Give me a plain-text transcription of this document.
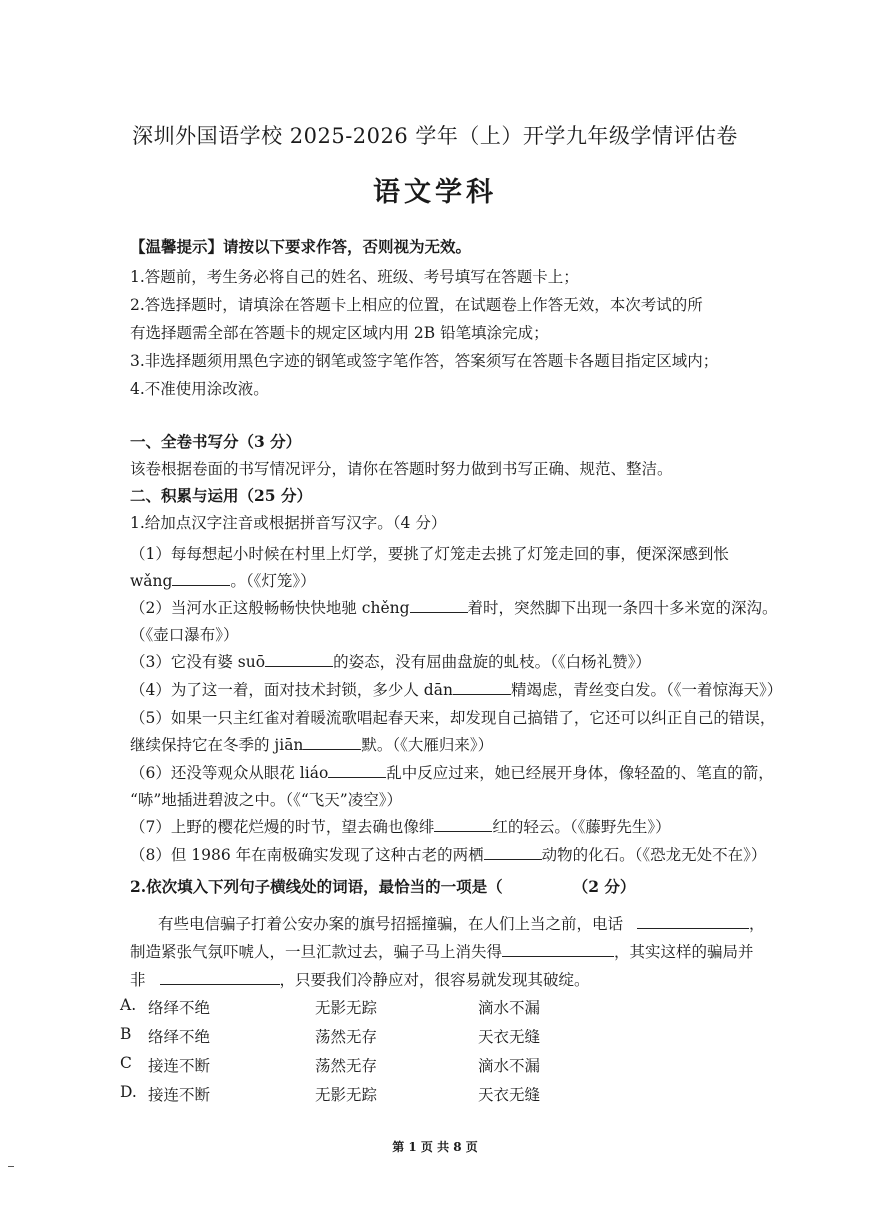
深圳外国语学校 2025-2026 学年（上）开学九年级学情评估卷
语文学科
【温馨提示】请按以下要求作答，否则视为无效。
1.答题前，考生务必将自己的姓名、班级、考号填写在答题卡上；
2.答选择题时，请填涂在答题卡上相应的位置，在试题卷上作答无效，本次考试的所
有选择题需全部在答题卡的规定区域内用 2B 铅笔填涂完成；
3.非选择题须用黑色字迹的钢笔或签字笔作答，答案须写在答题卡各题目指定区域内；
4.不准使用涂改液。
一、全卷书写分（3 分）
该卷根据卷面的书写情况评分，请你在答题时努力做到书写正确、规范、整洁。
二、积累与运用（25 分）
1.给加点汉字注音或根据拼音写汉字。（4 分）
（1）每每想起小时候在村里上灯学，要挑了灯笼走去挑了灯笼走回的事，便深深感到怅
wǎng	。（《灯笼》）
（2）当河水正这般畅畅快快地驰 chěng	着时，突然脚下出现一条四十多米宽的深沟。
（《壶口瀑布》）
（3）它没有婆 suō	的姿态，没有屈曲盘旋的虬枝。（《白杨礼赞》）
（4）为了这一着，面对技术封锁，多少人 dān	精竭虑，青丝变白发。（《一着惊海天》）
（5）如果一只主红雀对着暖流歌唱起春天来，却发现自己搞错了，它还可以纠正自己的错误，
继续保持它在冬季的 jiān	默。（《大雁归来》）
（6）还没等观众从眼花 liáo	乱中反应过来，她已经展开身体，像轻盈的、笔直的箭，
“哧”地插进碧波之中。（《“飞天”凌空》）
（7）上野的樱花烂熳的时节，望去确也像绯	红的轻云。（《藤野先生》）
（8）但 1986 年在南极确实发现了这种古老的两栖	动物的化石。（《恐龙无处不在》）
2.依次填入下列句子横线处的词语，最恰当的一项是（	（2 分）
有些电信骗子打着公安办案的旗号招摇撞骗，在人们上当之前，电话	，
制造紧张气氛吓唬人，一旦汇款过去，骗子马上消失得	，其实这样的骗局并
非	，只要我们冷静应对，很容易就发现其破绽。
A. 络绎不绝	无影无踪	滴水不漏
B 络绎不绝	荡然无存	天衣无缝
C 接连不断	荡然无存	滴水不漏
D. 接连不断	无影无踪	天衣无缝
第 1 页 共 8 页
